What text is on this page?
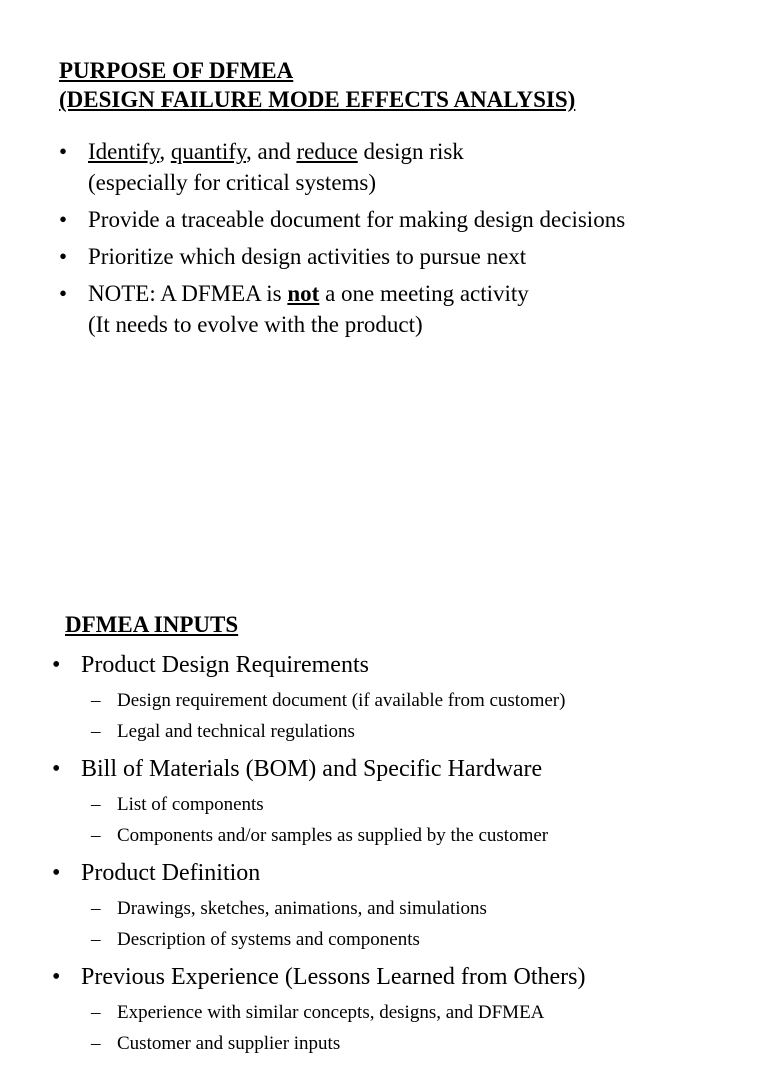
PURPOSE OF DFMEA
(DESIGN FAILURE MODE EFFECTS ANALYSIS)
• Identify, quantify, and reduce design risk
(especially for critical systems)
• Provide a traceable document for making design decisions
• Prioritize which design activities to pursue next
• NOTE: A DFMEA is not a one meeting activity
(It needs to evolve with the product)
DFMEA INPUTS
• Product Design Requirements
– Design requirement document (if available from customer)
– Legal and technical regulations
• Bill of Materials (BOM) and Specific Hardware
– List of components
– Components and/or samples as supplied by the customer
• Product Definition
– Drawings, sketches, animations, and simulations
– Description of systems and components
• Previous Experience (Lessons Learned from Others)
– Experience with similar concepts, designs, and DFMEA
– Customer and supplier inputs
